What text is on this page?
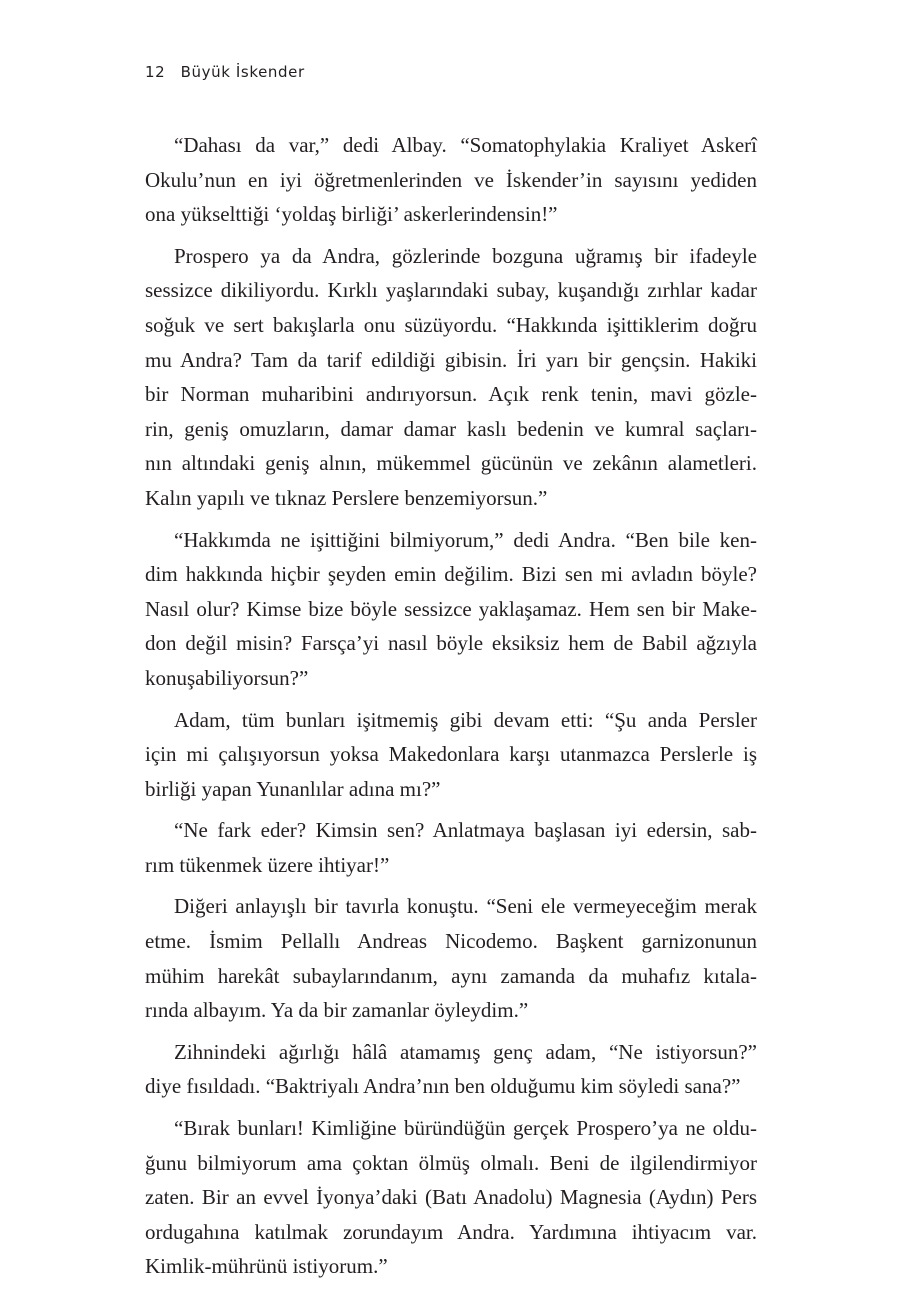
12 Büyük İskender

“Dahası da var,” dedi Albay. “Somatophylakia Kraliyet Askerî
Okulu’nun en iyi öğretmenlerinden ve İskender’in sayısını yediden
ona yükselttiği ‘yoldaş birliği’ askerlerindensin!”

Prospero ya da Andra, gözlerinde bozguna uğramış bir ifadeyle
sessizce dikiliyordu. Kırklı yaşlarındaki subay, kuşandığı zırhlar kadar
soğuk ve sert bakışlarla onu süzüyordu. “Hakkında işittiklerim doğru
mu Andra? Tam da tarif edildiği gibisin. İri yarı bir gençsin. Hakiki
bir Norman muharibini andırıyorsun. Açık renk tenin, mavi gözle-
rin, geniş omuzların, damar damar kaslı bedenin ve kumral saçları-
nın altındaki geniş alnın, mükemmel gücünün ve zekânın alametleri.
Kalın yapılı ve tıknaz Perslere benzemiyorsun.”

“Hakkımda ne işittiğini bilmiyorum,” dedi Andra. “Ben bile ken-
dim hakkında hiçbir şeyden emin değilim. Bizi sen mi avladın böyle?
Nasıl olur? Kimse bize böyle sessizce yaklaşamaz. Hem sen bir Make-
don değil misin? Farsça’yi nasıl böyle eksiksiz hem de Babil ağzıyla
konuşabiliyorsun?”

Adam, tüm bunları işitmemiş gibi devam etti: “Şu anda Persler
için mi çalışıyorsun yoksa Makedonlara karşı utanmazca Perslerle iş
birliği yapan Yunanlılar adına mı?”

“Ne fark eder? Kimsin sen? Anlatmaya başlasan iyi edersin, sab-
rım tükenmek üzere ihtiyar!”

Diğeri anlayışlı bir tavırla konuştu. “Seni ele vermeyeceğim merak
etme. İsmim Pellallı Andreas Nicodemo. Başkent garnizonunun
mühim harekât subaylarındanım, aynı zamanda da muhafız kıtala-
rında albayım. Ya da bir zamanlar öyleydim.”

Zihnindeki ağırlığı hâlâ atamamış genç adam, “Ne istiyorsun?”
diye fısıldadı. “Baktriyalı Andra’nın ben olduğumu kim söyledi sana?”

“Bırak bunları! Kimliğine büründüğün gerçek Prospero’ya ne oldu-
ğunu bilmiyorum ama çoktan ölmüş olmalı. Beni de ilgilendirmiyor
zaten. Bir an evvel İyonya’daki (Batı Anadolu) Magnesia (Aydın) Pers
ordugahına katılmak zorundayım Andra. Yardımına ihtiyacım var.
Kimlik-mührünü istiyorum.”
